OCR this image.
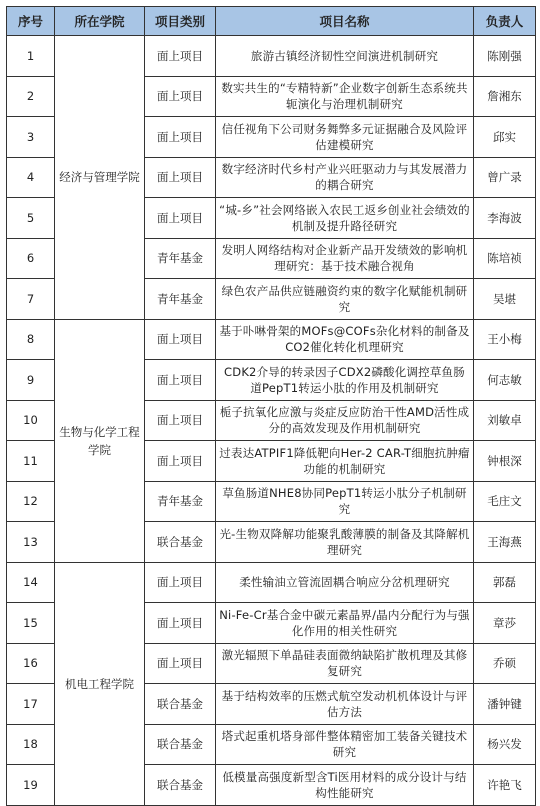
序号	所在学院	项目类别	项目名称	负责人
1	经济与管理学院	面上项目	旅游古镇经济韧性空间演进机制研究	陈刚强
2		面上项目	数实共生的“专精特新”企业数字创新生态系统共轭演化与治理机制研究	詹湘东
3		面上项目	信任视角下公司财务舞弊多元证据融合及风险评估建模研究	邱实
4		面上项目	数字经济时代乡村产业兴旺驱动力与其发展潜力的耦合研究	曾广录
5		面上项目	“城-乡”社会网络嵌入农民工返乡创业社会绩效的机制及提升路径研究	李海波
6		青年基金	发明人网络结构对企业新产品开发绩效的影响机理研究：基于技术融合视角	陈培祯
7		青年基金	绿色农产品供应链融资约束的数字化赋能机制研究	吴堪
8	生物与化学工程学院	面上项目	基于卟啉骨架的MOFs@COFs杂化材料的制备及CO2催化转化机理研究	王小梅
9		面上项目	CDK2介导的转录因子CDX2磷酸化调控草鱼肠道PepT1转运小肽的作用及机制研究	何志敏
10		面上项目	栀子抗氧化应激与炎症反应防治干性AMD活性成分的高效发现及作用机制研究	刘敏卓
11		面上项目	过表达ATPIF1降低靶向Her-2 CAR-T细胞抗肿瘤功能的机制研究	钟根深
12		青年基金	草鱼肠道NHE8协同PepT1转运小肽分子机制研究	毛庄文
13		联合基金	光-生物双降解功能聚乳酸薄膜的制备及其降解机理研究	王海燕
14	机电工程学院	面上项目	柔性输油立管流固耦合响应分岔机理研究	郭磊
15		面上项目	Ni-Fe-Cr基合金中碳元素晶界/晶内分配行为与强化作用的相关性研究	章莎
16		面上项目	激光辐照下单晶硅表面微纳缺陷扩散机理及其修复研究	乔硕
17		联合基金	基于结构效率的压燃式航空发动机机体设计与评估方法	潘钟键
18		联合基金	塔式起重机塔身部件整体精密加工装备关键技术研究	杨兴发
19		联合基金	低模量高强度新型含Ti医用材料的成分设计与结构性能研究	许艳飞
